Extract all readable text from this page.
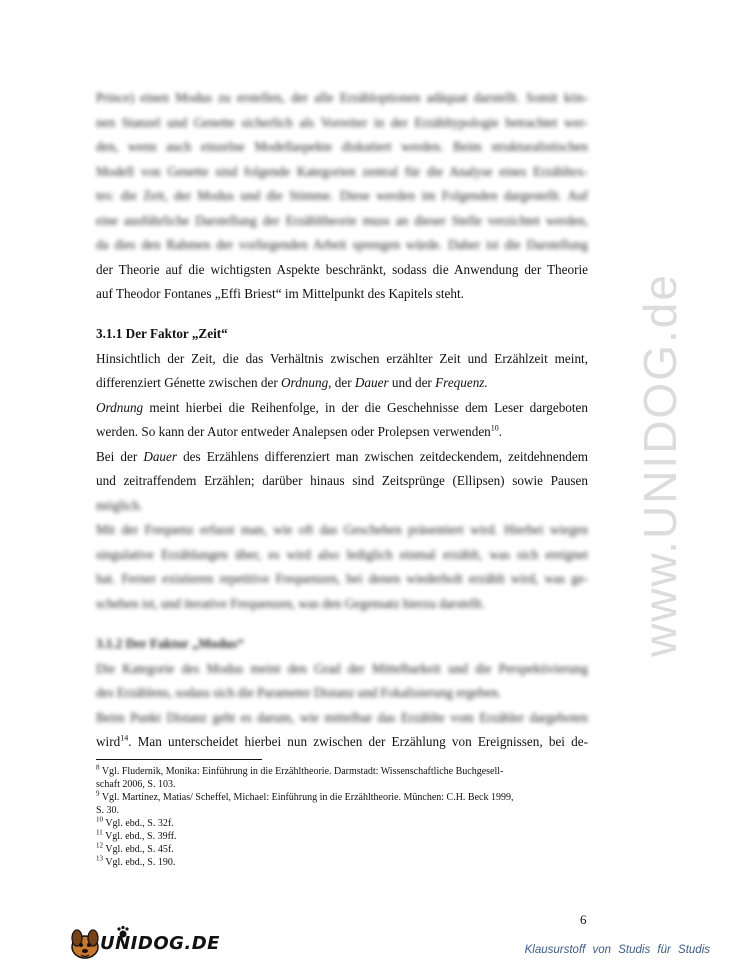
www.UNIDOG.de
Prince) einen Modus zu erstellen, der alle Erzähloptionen adäquat darstellt. Somit kön-
nen Stanzel und Genette sicherlich als Vorreiter in der Erzähltypologie betrachtet wer-
den, wenn auch einzelne Modellaspekte diskutiert werden. Beim strukturalistischen
Modell von Genette sind folgende Kategorien zentral für die Analyse eines Erzähltex-
tes: die Zeit, der Modus und die Stimme. Diese werden im Folgenden dargestellt. Auf
eine ausführliche Darstellung der Erzähltheorie muss an dieser Stelle verzichtet werden,
da dies den Rahmen der vorliegenden Arbeit sprengen würde. Daher ist die Darstellung
der Theorie auf die wichtigsten Aspekte beschränkt, sodass die Anwendung der Theorie
auf Theodor Fontanes „Effi Briest“ im Mittelpunkt des Kapitels steht.
3.1.1 Der Faktor „Zeit“
Hinsichtlich der Zeit, die das Verhältnis zwischen erzählter Zeit und Erzählzeit meint,
differenziert Génette zwischen der Ordnung, der Dauer und der Frequenz.
Ordnung meint hierbei die Reihenfolge, in der die Geschehnisse dem Leser dargeboten
werden. So kann der Autor entweder Analepsen oder Prolepsen verwenden$^{10}$.
Bei der Dauer des Erzählens differenziert man zwischen zeitdeckendem, zeitdehnendem
und zeitraffendem Erzählen; darüber hinaus sind Zeitsprünge (Ellipsen) sowie Pausen
möglich.
Mit der Frequenz erfasst man, wie oft das Geschehen präsentiert wird. Hierbei wiegen
singulative Erzählungen über, es wird also lediglich einmal erzählt, was sich ereignet
hat. Ferner existieren repetitive Frequenzen, bei denen wiederholt erzählt wird, was ge-
schehen ist, und iterative Frequenzen, was den Gegensatz hierzu darstellt.
3.1.2 Der Faktor „Modus“
Die Kategorie des Modus meint den Grad der Mittelbarkeit und die Perspektivierung
des Erzählens, sodass sich die Parameter Distanz und Fokalisierung ergeben.
Beim Punkt Distanz geht es darum, wie mittelbar das Erzählte vom Erzähler dargeboten
wird$^{14}$. Man unterscheidet hierbei nun zwischen der Erzählung von Ereignissen, bei de-
$^8$ Vgl. Fludernik, Monika: Einführung in die Erzähltheorie. Darmstadt: Wissenschaftliche Buchgesell-
schaft 2006, S. 103.
$^9$ Vgl. Martinez, Matias/ Scheffel, Michael: Einführung in die Erzähltheorie. München: C.H. Beck 1999,
S. 30.
$^{10}$ Vgl. ebd., S. 32f.
$^{11}$ Vgl. ebd., S. 39ff.
$^{12}$ Vgl. ebd., S. 45f.
$^{13}$ Vgl. ebd., S. 190.
6
UNIDOG.DE	Klausurstoff von Studis für Studis
